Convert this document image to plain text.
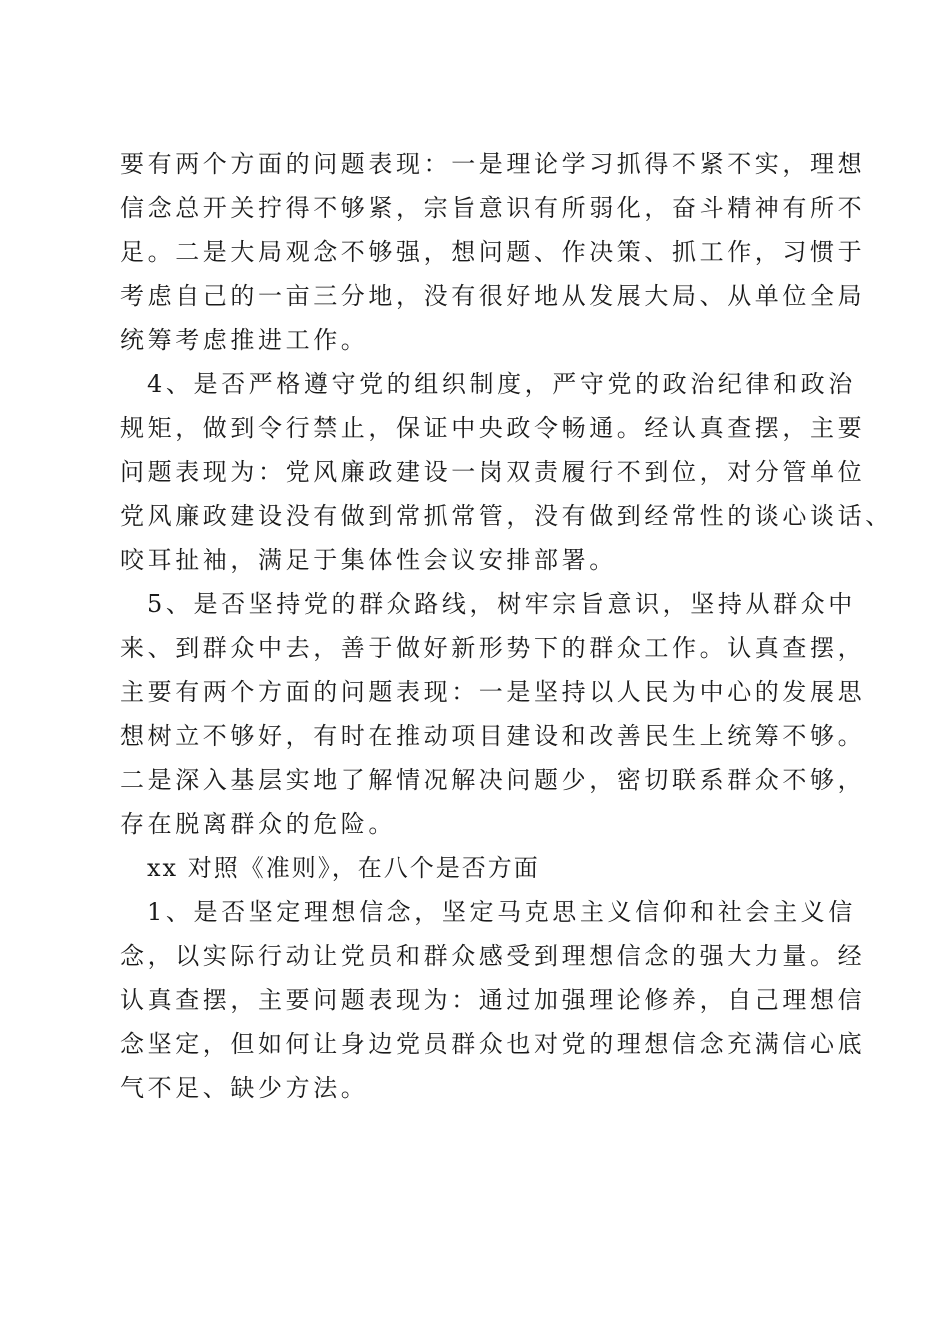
要有两个方面的问题表现：一是理论学习抓得不紧不实，理想
信念总开关拧得不够紧，宗旨意识有所弱化，奋斗精神有所不
足。二是大局观念不够强，想问题、作决策、抓工作，习惯于
考虑自己的一亩三分地，没有很好地从发展大局、从单位全局
统筹考虑推进工作。
4、是否严格遵守党的组织制度，严守党的政治纪律和政治
规矩，做到令行禁止，保证中央政令畅通。经认真查摆，主要
问题表现为：党风廉政建设一岗双责履行不到位，对分管单位
党风廉政建设没有做到常抓常管，没有做到经常性的谈心谈话、
咬耳扯袖，满足于集体性会议安排部署。
5、是否坚持党的群众路线，树牢宗旨意识，坚持从群众中
来、到群众中去，善于做好新形势下的群众工作。认真查摆，
主要有两个方面的问题表现：一是坚持以人民为中心的发展思
想树立不够好，有时在推动项目建设和改善民生上统筹不够。
二是深入基层实地了解情况解决问题少，密切联系群众不够，
存在脱离群众的危险。
xx 对照《准则》，在八个是否方面
1、是否坚定理想信念，坚定马克思主义信仰和社会主义信
念，以实际行动让党员和群众感受到理想信念的强大力量。经
认真查摆，主要问题表现为：通过加强理论修养，自己理想信
念坚定，但如何让身边党员群众也对党的理想信念充满信心底
气不足、缺少方法。
